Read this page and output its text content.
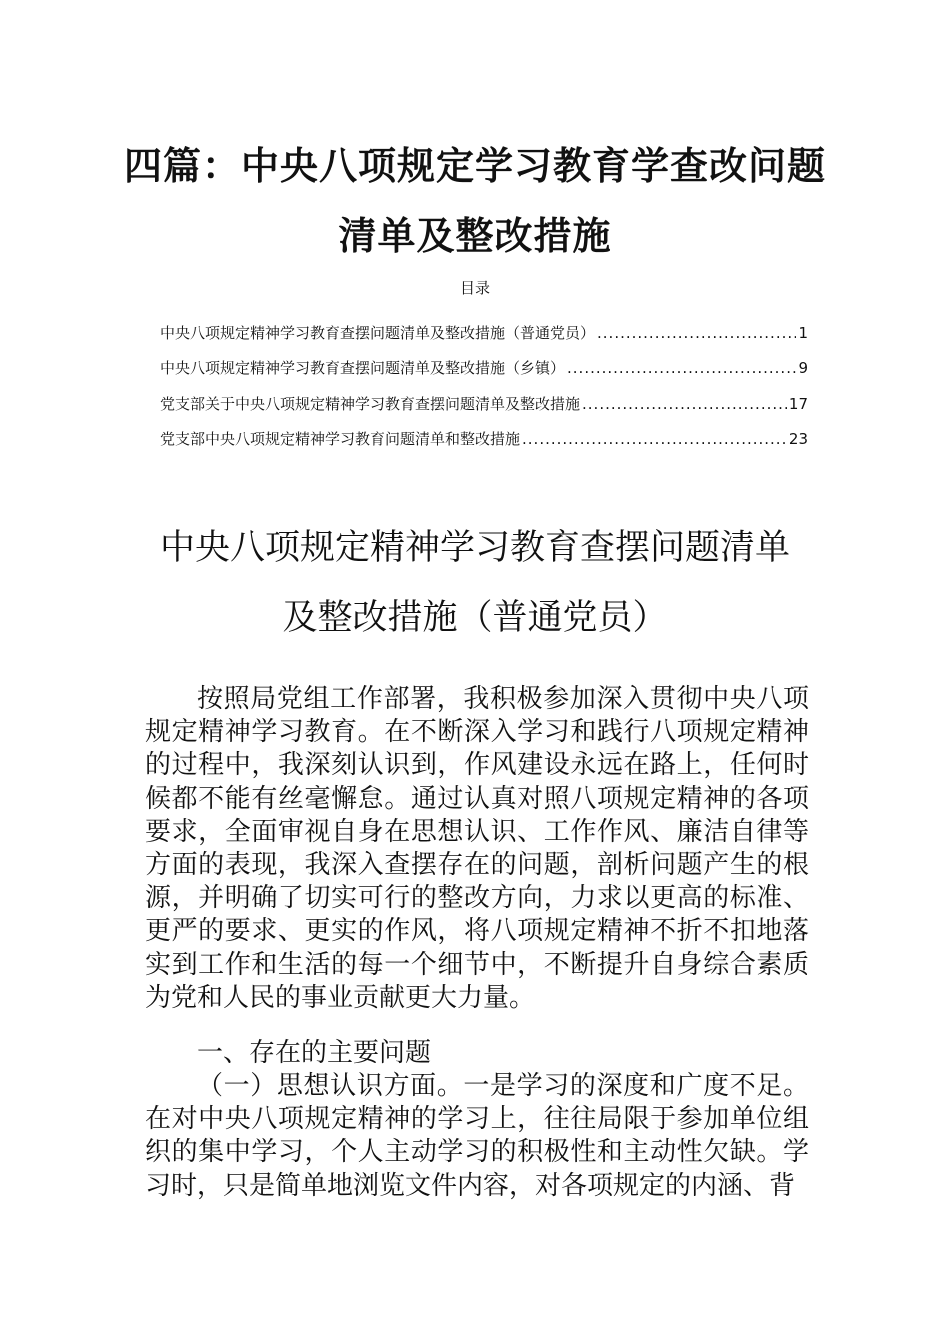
四篇：中央八项规定学习教育学查改问题
清单及整改措施
目录
中央八项规定精神学习教育查摆问题清单及整改措施（普通党员） .....	1
中央八项规定精神学习教育查摆问题清单及整改措施（乡镇） .....	9
党支部关于中央八项规定精神学习教育查摆问题清单及整改措施 .....	17
党支部中央八项规定精神学习教育问题清单和整改措施 .....	23
中央八项规定精神学习教育查摆问题清单
及整改措施（普通党员）
按照局党组工作部署，我积极参加深入贯彻中央八项规定精神学习教育。在不断深入学习和践行八项规定精神的过程中，我深刻认识到，作风建设永远在路上，任何时候都不能有丝毫懈怠。通过认真对照八项规定精神的各项要求，全面审视自身在思想认识、工作作风、廉洁自律等方面的表现，我深入查摆存在的问题，剖析问题产生的根源，并明确了切实可行的整改方向，力求以更高的标准、更严的要求、更实的作风，将八项规定精神不折不扣地落实到工作和生活的每一个细节中，不断提升自身综合素质为党和人民的事业贡献更大力量。
一、存在的主要问题
（一）思想认识方面。一是学习的深度和广度不足。在对中央八项规定精神的学习上，往往局限于参加单位组织的集中学习，个人主动学习的积极性和主动性欠缺。学习时，只是简单地浏览文件内容，对各项规定的内涵、背
